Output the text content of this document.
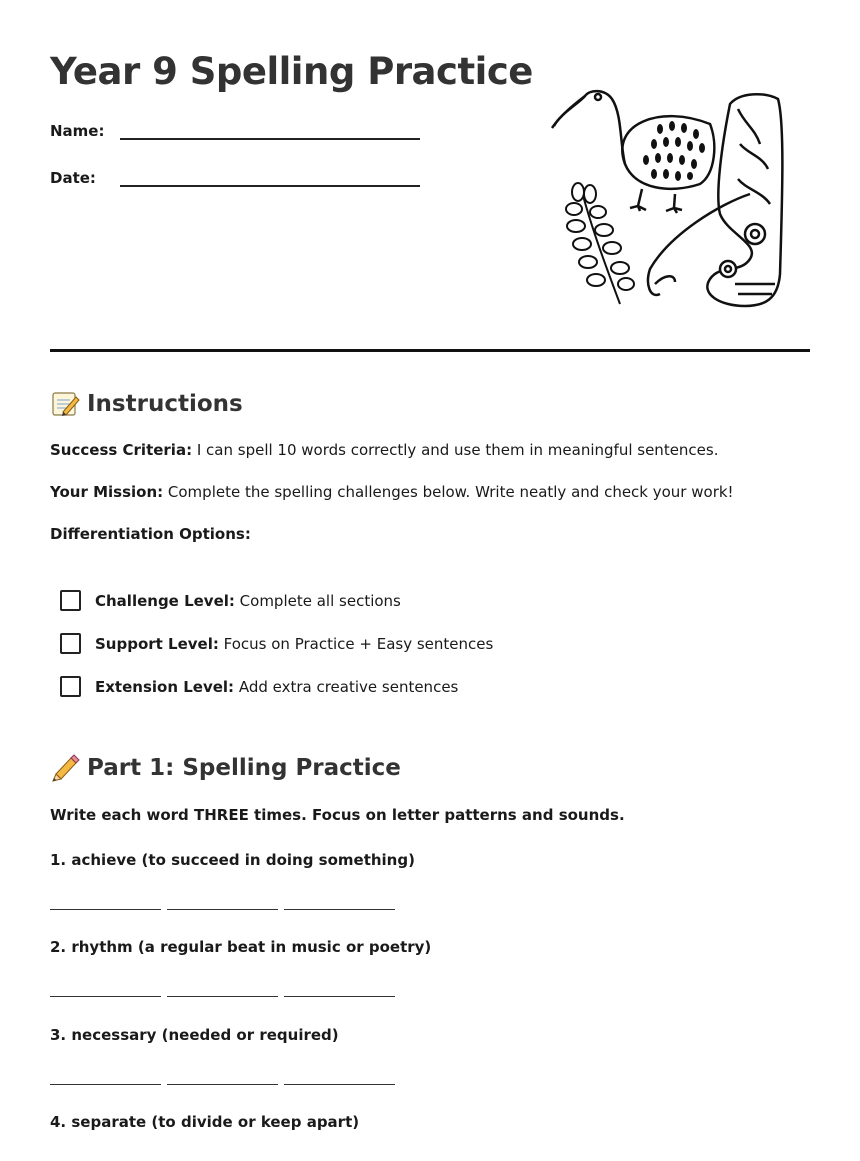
Year 9 Spelling Practice
Name:
Date:
Instructions

Success Criteria: I can spell 10 words correctly and use them in meaningful sentences.

Your Mission: Complete the spelling challenges below. Write neatly and check your work!

Differentiation Options:

Challenge Level: Complete all sections
Support Level: Focus on Practice + Easy sentences
Extension Level: Add extra creative sentences
Part 1: Spelling Practice

Write each word THREE times. Focus on letter patterns and sounds.

1. achieve (to succeed in doing something)

2. rhythm (a regular beat in music or poetry)

3. necessary (needed or required)

4. separate (to divide or keep apart)
